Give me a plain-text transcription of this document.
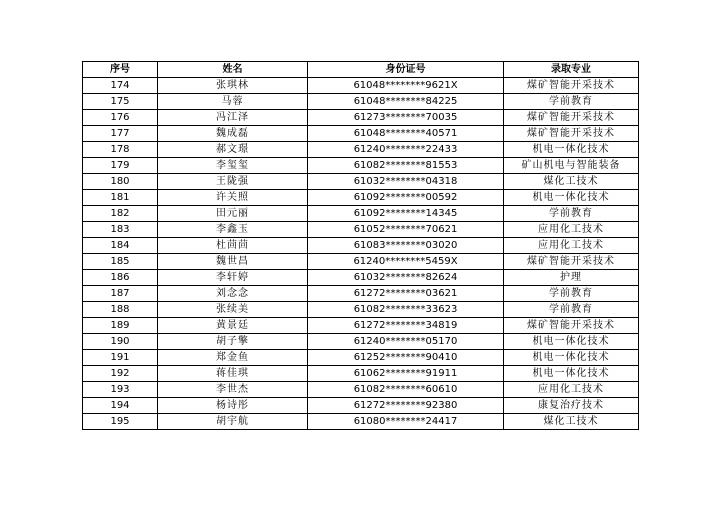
序号	姓名	身份证号	录取专业
174	张琪林	61048********9621X	煤矿智能开采技术
175	马蓉	61048********84225	学前教育
176	冯江泽	61273********70035	煤矿智能开采技术
177	魏成磊	61048********40571	煤矿智能开采技术
178	郝文璟	61240********22433	机电一体化技术
179	李玺玺	61082********81553	矿山机电与智能装备
180	王陇强	61032********04318	煤化工技术
181	许关照	61092********00592	机电一体化技术
182	田元丽	61092********14345	学前教育
183	李鑫玉	61052********70621	应用化工技术
184	杜茴茴	61083********03020	应用化工技术
185	魏世昌	61240********5459X	煤矿智能开采技术
186	李轩婷	61032********82624	护理
187	刘念念	61272********03621	学前教育
188	张续美	61082********33623	学前教育
189	黄景廷	61272********34819	煤矿智能开采技术
190	胡子擎	61240********05170	机电一体化技术
191	郑金鱼	61252********90410	机电一体化技术
192	蒋佳琪	61062********91911	机电一体化技术
193	李世杰	61082********60610	应用化工技术
194	杨诗彤	61272********92380	康复治疗技术
195	胡宇航	61080********24417	煤化工技术
